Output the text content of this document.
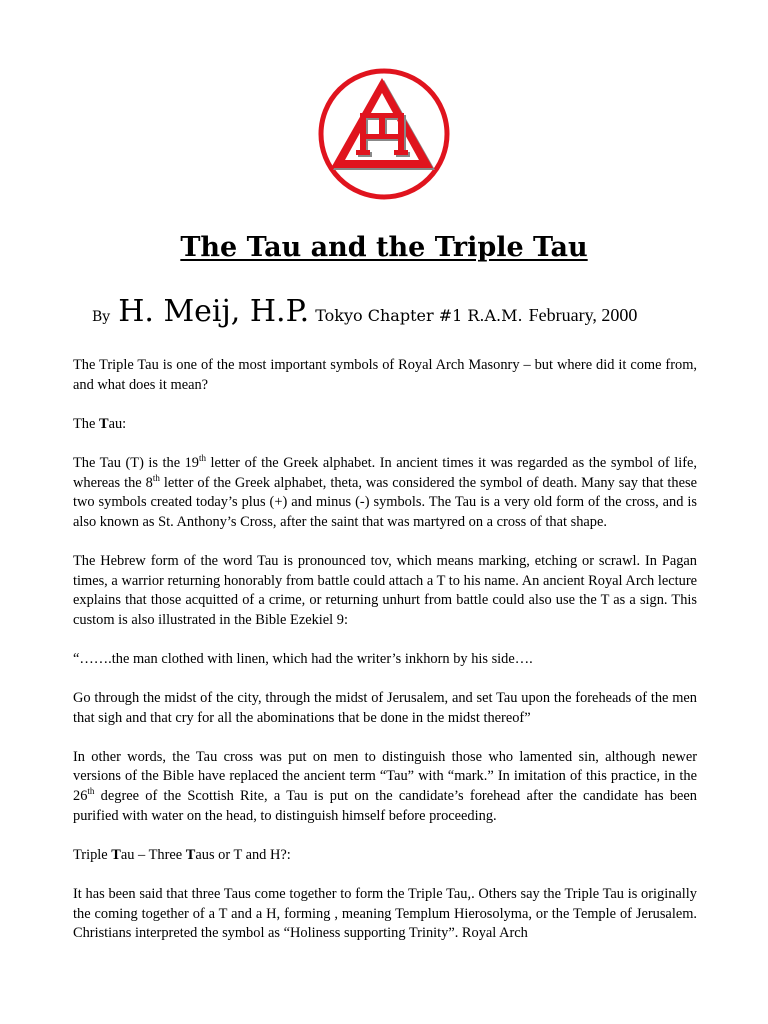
The Tau and the Triple Tau
By H. Meij, H.P. Tokyo Chapter #1 R.A.M. February, 2000

The Triple Tau is one of the most important symbols of Royal Arch Masonry – but where did it come from, and what does it mean?

The Tau:

The Tau (T) is the 19th letter of the Greek alphabet. In ancient times it was regarded as the symbol of life, whereas the 8th letter of the Greek alphabet, theta, was considered the symbol of death. Many say that these two symbols created today’s plus (+) and minus (-) symbols. The Tau is a very old form of the cross, and is also known as St. Anthony’s Cross, after the saint that was martyred on a cross of that shape.

The Hebrew form of the word Tau is pronounced tov, which means marking, etching or scrawl. In Pagan times, a warrior returning honorably from battle could attach a T to his name. An ancient Royal Arch lecture explains that those acquitted of a crime, or returning unhurt from battle could also use the T as a sign. This custom is also illustrated in the Bible Ezekiel 9:

“…….the man clothed with linen, which had the writer’s inkhorn by his side….

Go through the midst of the city, through the midst of Jerusalem, and set Tau upon the foreheads of the men that sigh and that cry for all the abominations that be done in the midst thereof”

In other words, the Tau cross was put on men to distinguish those who lamented sin, although newer versions of the Bible have replaced the ancient term “Tau” with “mark.” In imitation of this practice, in the 26th degree of the Scottish Rite, a Tau is put on the candidate’s forehead after the candidate has been purified with water on the head, to distinguish himself before proceeding.

Triple Tau – Three Taus or T and H?:

It has been said that three Taus come together to form the Triple Tau,. Others say the Triple Tau is originally the coming together of a T and a H, forming , meaning Templum Hierosolyma, or the Temple of Jerusalem. Christians interpreted the symbol as “Holiness supporting Trinity”. Royal Arch
